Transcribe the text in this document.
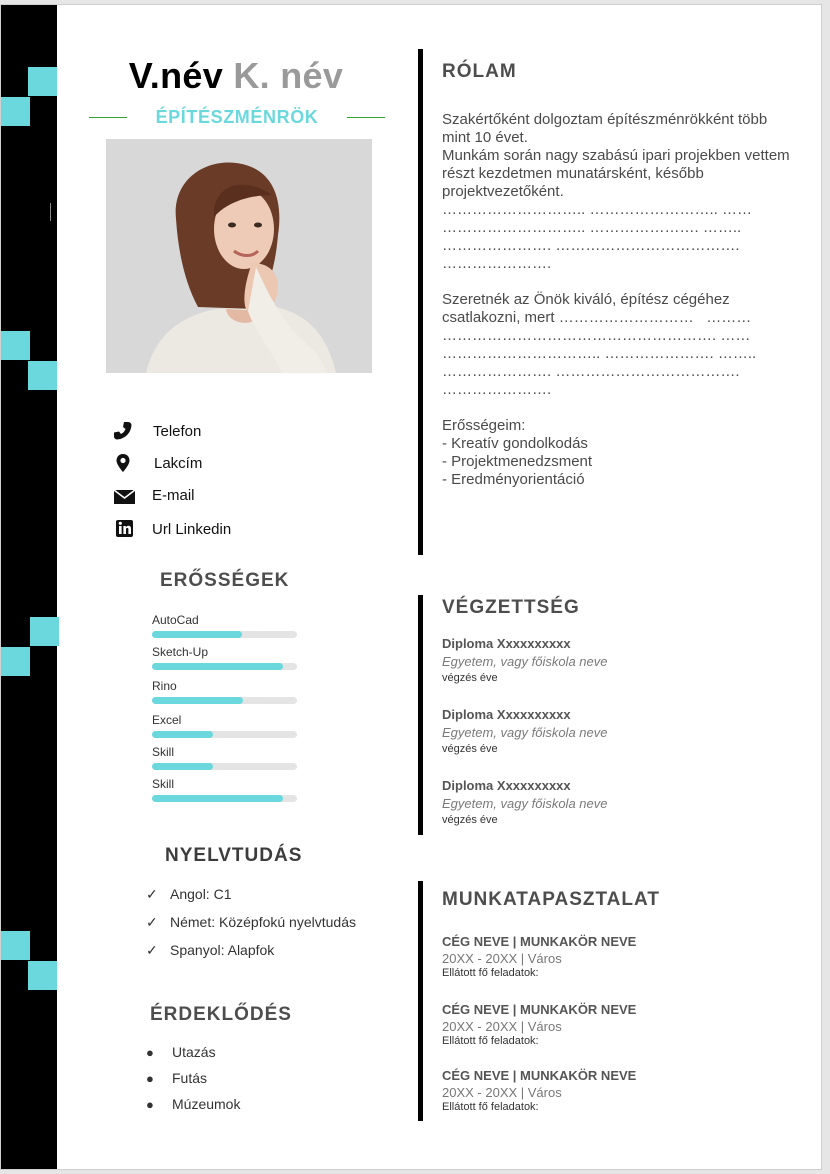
V.név K. név
ÉPÍTÉSZMÉNRÖK
Telefon
Lakcím
E-mail
Url Linkedin
ERŐSSÉGEK
AutoCad
Sketch-Up
Rino
Excel
Skill
Skill
NYELVTUDÁS
✓ Angol: C1
✓ Német: Középfokú nyelvtudás
✓ Spanyol: Alapfok
ÉRDEKLŐDÉS
● Utazás
● Futás
● Múzeumok
RÓLAM

Szakértőként dolgoztam építészménrökként több mint 10 évet.
Munkám során nagy szabású ipari projekben vettem részt kezdetmen munatársként, később projektvezetőként.
……………………….. …………………….. ……
……………………….. …………………. ……..
…………………. ……………………………….
………………….

Szeretnék az Önök kiváló, építész cégéhez csatlakozni, mert ………………………   ………
………………………………………………. ……
………………………….. …………………. ……..
…………………. ……………………………….
………………….

Erősségeim:
- Kreatív gondolkodás
- Projektmenedzsment
- Eredményorientáció

VÉGZETTSÉG
Diploma Xxxxxxxxxx
Egyetem, vagy főiskola neve
végzés éve
Diploma Xxxxxxxxxx
Egyetem, vagy főiskola neve
végzés éve
Diploma Xxxxxxxxxx
Egyetem, vagy főiskola neve
végzés éve
MUNKATAPASZTALAT
CÉG NEVE | MUNKAKÖR NEVE
20XX - 20XX | Város
Ellátott fő feladatok:
CÉG NEVE | MUNKAKÖR NEVE
20XX - 20XX | Város
Ellátott fő feladatok:
CÉG NEVE | MUNKAKÖR NEVE
20XX - 20XX | Város
Ellátott fő feladatok:
